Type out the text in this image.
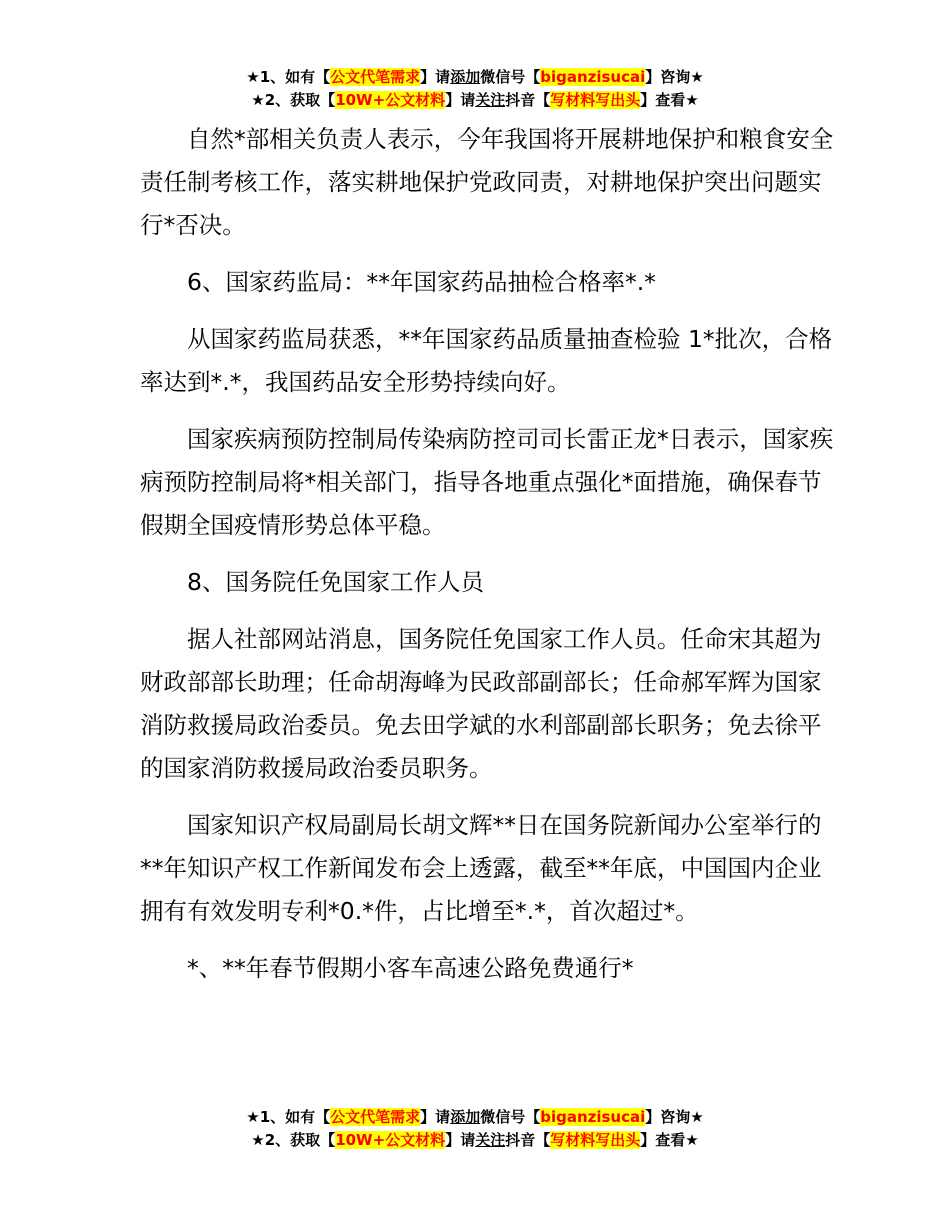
★1、如有【公文代笔需求】请添加微信号【biganzisucai】咨询★
★2、获取【10W+公文材料】请关注抖音【写材料写出头】查看★

自然*部相关负责人表示，今年我国将开展耕地保护和粮食安全责任制考核工作，落实耕地保护党政同责，对耕地保护突出问题实行*否决。

6、国家药监局：**年国家药品抽检合格率*.*

从国家药监局获悉，**年国家药品质量抽查检验 1*批次，合格率达到*.*，我国药品安全形势持续向好。

国家疾病预防控制局传染病防控司司长雷正龙*日表示，国家疾病预防控制局将*相关部门，指导各地重点强化*面措施，确保春节假期全国疫情形势总体平稳。

8、国务院任免国家工作人员

据人社部网站消息，国务院任免国家工作人员。任命宋其超为财政部部长助理；任命胡海峰为民政部副部长；任命郝军辉为国家消防救援局政治委员。免去田学斌的水利部副部长职务；免去徐平的国家消防救援局政治委员职务。

国家知识产权局副局长胡文辉**日在国务院新闻办公室举行的**年知识产权工作新闻发布会上透露，截至**年底，中国国内企业拥有有效发明专利*0.*件，占比增至*.*，首次超过*。

*、**年春节假期小客车高速公路免费通行*

★1、如有【公文代笔需求】请添加微信号【biganzisucai】咨询★
★2、获取【10W+公文材料】请关注抖音【写材料写出头】查看★
